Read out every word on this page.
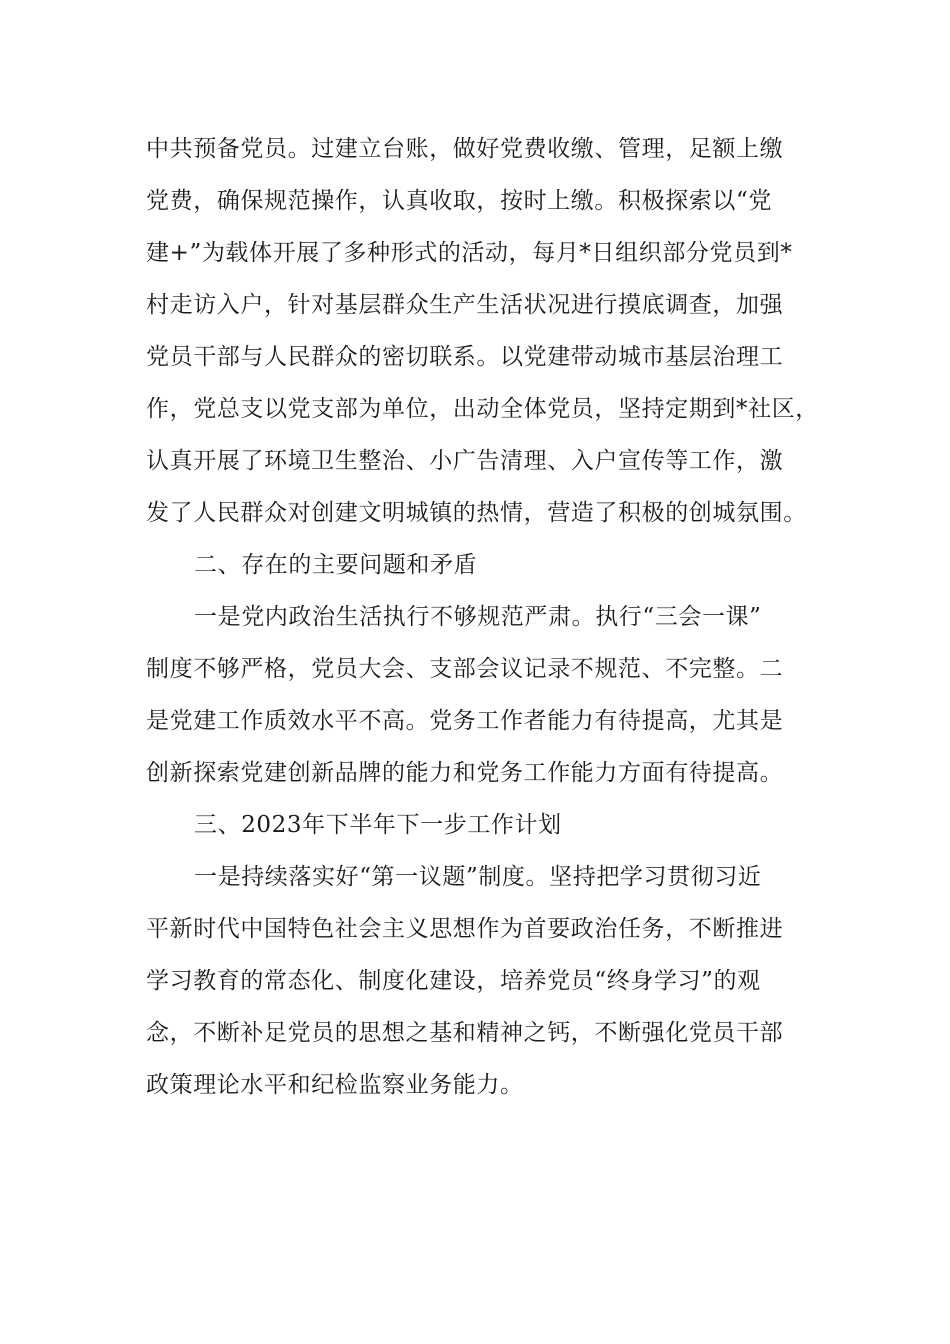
中共预备党员。过建立台账，做好党费收缴、管理，足额上缴
党费，确保规范操作，认真收取，按时上缴。积极探索以“党
建+”为载体开展了多种形式的活动，每月*日组织部分党员到*
村走访入户，针对基层群众生产生活状况进行摸底调查，加强
党员干部与人民群众的密切联系。以党建带动城市基层治理工
作，党总支以党支部为单位，出动全体党员，坚持定期到*社区，
认真开展了环境卫生整治、小广告清理、入户宣传等工作，激
发了人民群众对创建文明城镇的热情，营造了积极的创城氛围。
二、存在的主要问题和矛盾
一是党内政治生活执行不够规范严肃。执行“三会一课”
制度不够严格，党员大会、支部会议记录不规范、不完整。二
是党建工作质效水平不高。党务工作者能力有待提高，尤其是
创新探索党建创新品牌的能力和党务工作能力方面有待提高。
三、2023年下半年下一步工作计划
一是持续落实好“第一议题”制度。坚持把学习贯彻习近
平新时代中国特色社会主义思想作为首要政治任务，不断推进
学习教育的常态化、制度化建设，培养党员“终身学习”的观
念，不断补足党员的思想之基和精神之钙，不断强化党员干部
政策理论水平和纪检监察业务能力。
